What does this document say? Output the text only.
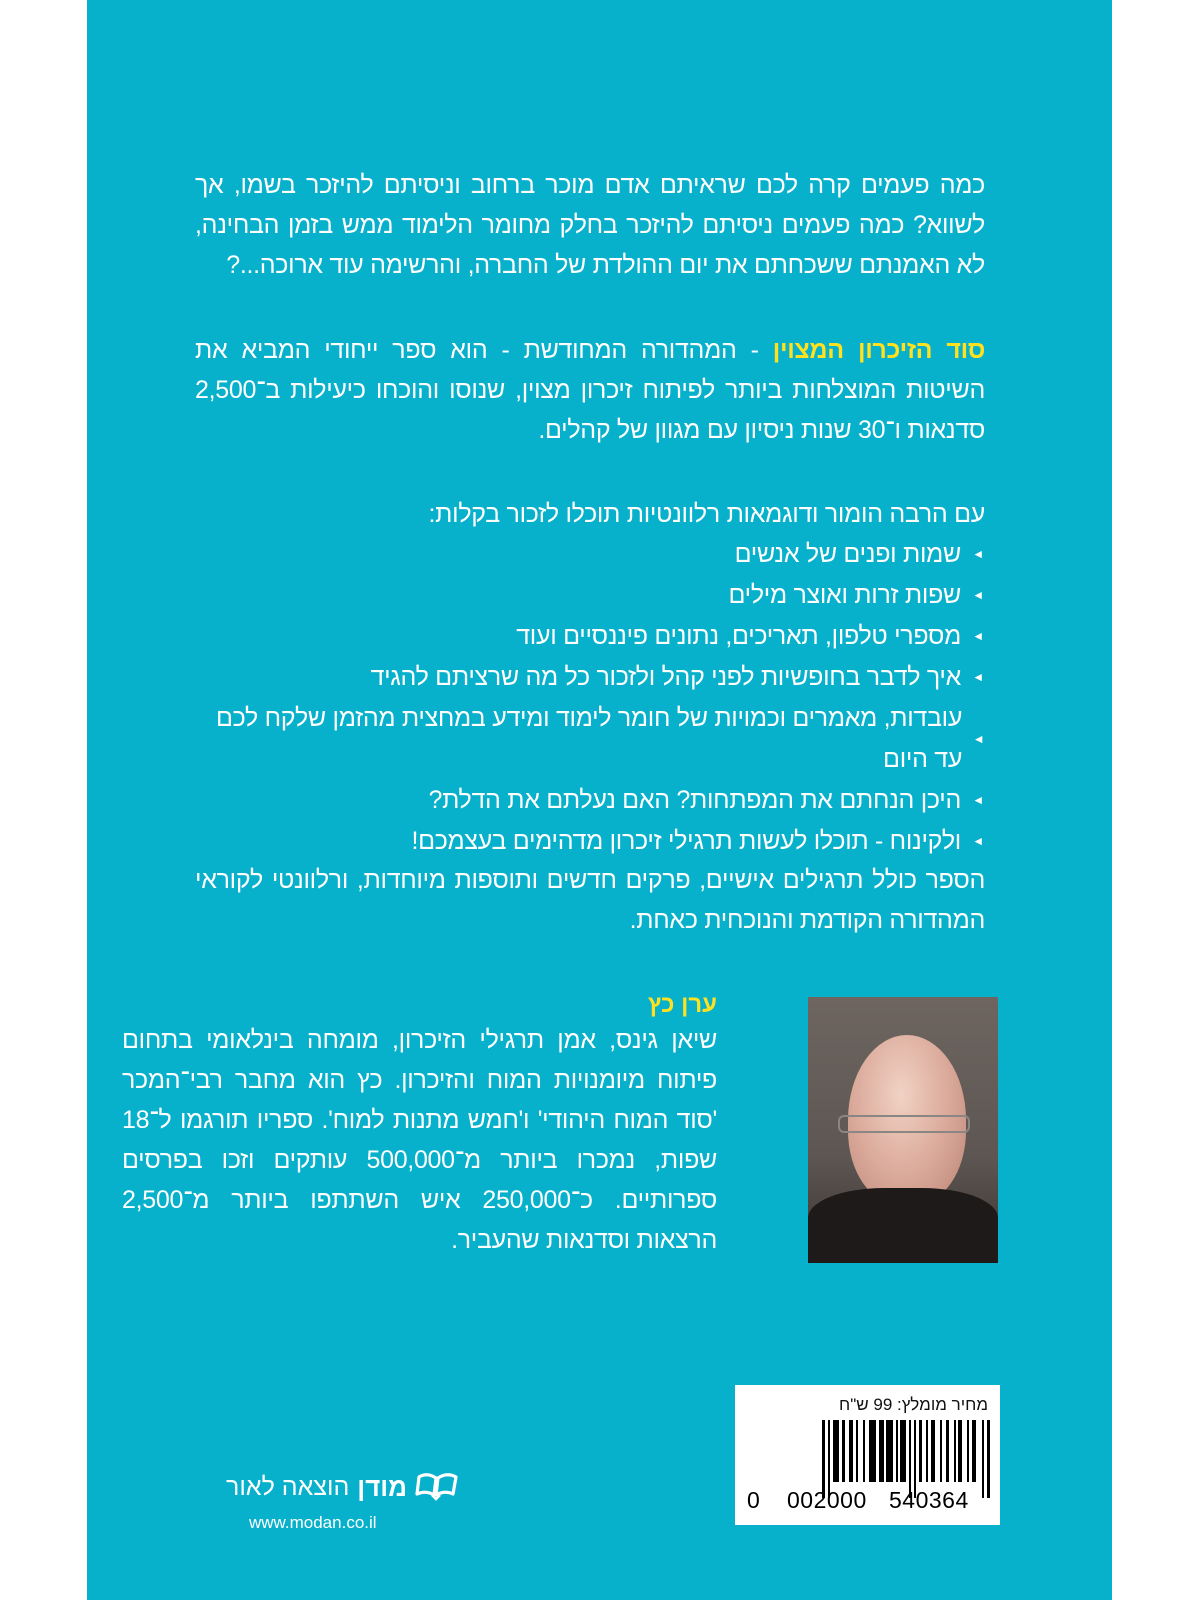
כמה פעמים קרה לכם שראיתם אדם מוכר ברחוב וניסיתם להיזכר בשמו, אך לשווא? כמה פעמים ניסיתם להיזכר בחלק מחומר הלימוד ממש בזמן הבחינה, לא האמנתם ששכחתם את יום ההולדת של החברה, והרשימה עוד ארוכה...?

סוד הזיכרון המצוין - המהדורה המחודשת - הוא ספר ייחודי המביא את השיטות המוצלחות ביותר לפיתוח זיכרון מצוין, שנוסו והוכחו כיעילות ב־2,500 סדנאות ו־30 שנות ניסיון עם מגוון של קהלים.

עם הרבה הומור ודוגמאות רלוונטיות תוכלו לזכור בקלות:

◄
שמות ופנים של אנשים
◄
שפות זרות ואוצר מילים
◄
מספרי טלפון, תאריכים, נתונים פיננסיים ועוד
◄
איך לדבר בחופשיות לפני קהל ולזכור כל מה שרציתם להגיד
◄
עובדות, מאמרים וכמויות של חומר לימוד ומידע במחצית מהזמן שלקח לכם עד היום
◄
היכן הנחתם את המפתחות? האם נעלתם את הדלת?
◄
ולקינוח - תוכלו לעשות תרגילי זיכרון מדהימים בעצמכם!

הספר כולל תרגילים אישיים, פרקים חדשים ותוספות מיוחדות, ורלוונטי לקוראי המהדורה הקודמת והנוכחית כאחת.

ערן כץ

שיאן גינס, אמן תרגילי הזיכרון, מומחה בינלאומי בתחום פיתוח מיומנויות המוח והזיכרון. כץ הוא מחבר רבי־המכר 'סוד המוח היהודי' ו'חמש מתנות למוח'. ספריו תורגמו ל־18 שפות, נמכרו ביותר מ־500,000 עותקים וזכו בפרסים ספרותיים. כ־250,000 איש השתתפו ביותר מ־2,500 הרצאות וסדנאות שהעביר.

מחיר מומלץ: 99 ש"ח
0 002000 540364
מודן
הוצאה לאור
www.modan.co.il
